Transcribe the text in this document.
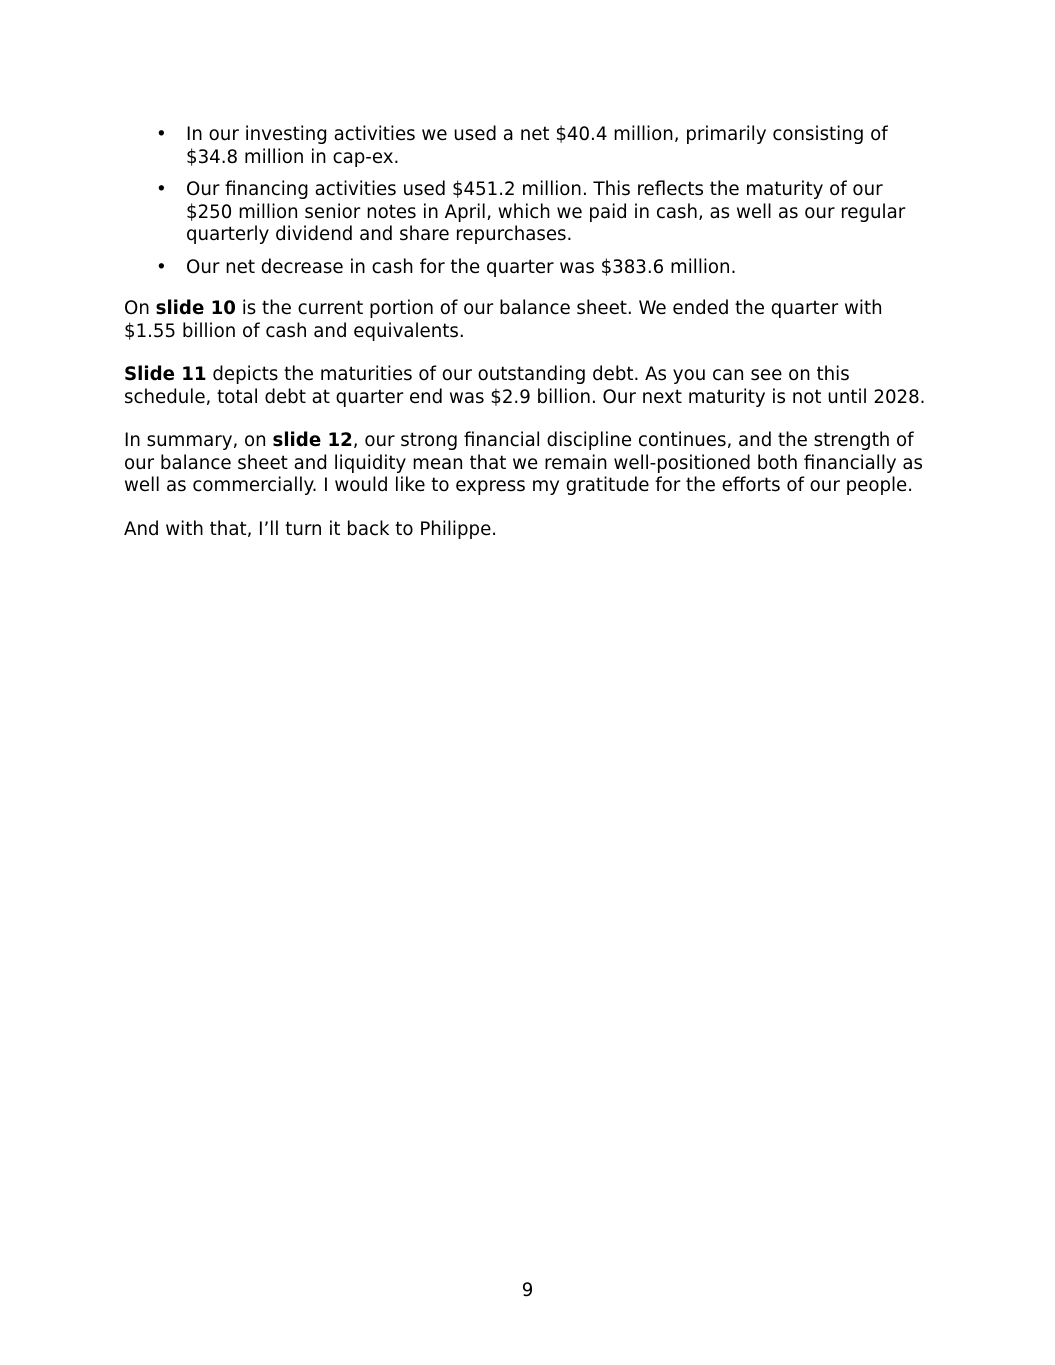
• In our investing activities we used a net $40.4 million, primarily consisting of $34.8 million in cap-ex.
• Our financing activities used $451.2 million. This reflects the maturity of our $250 million senior notes in April, which we paid in cash, as well as our regular quarterly dividend and share repurchases.
• Our net decrease in cash for the quarter was $383.6 million.

On slide 10 is the current portion of our balance sheet. We ended the quarter with $1.55 billion of cash and equivalents.

Slide 11 depicts the maturities of our outstanding debt. As you can see on this schedule, total debt at quarter end was $2.9 billion. Our next maturity is not until 2028.

In summary, on slide 12, our strong financial discipline continues, and the strength of our balance sheet and liquidity mean that we remain well-positioned both financially as well as commercially. I would like to express my gratitude for the efforts of our people.

And with that, I’ll turn it back to Philippe.

9
